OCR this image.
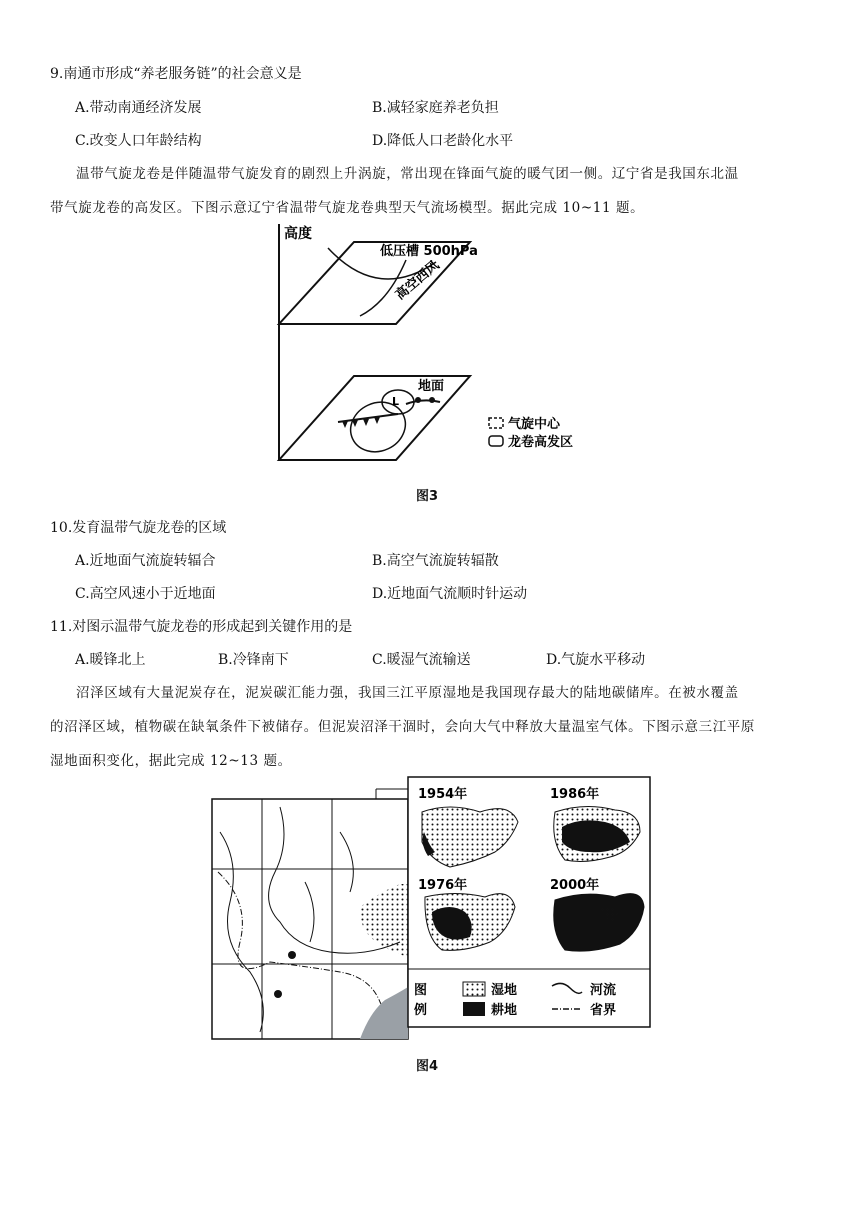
9.南通市形成“养老服务链”的社会意义是
A.带动南通经济发展	B.减轻家庭养老负担
C.改变人口年龄结构	D.降低人口老龄化水平
温带气旋龙卷是伴随温带气旋发育的剧烈上升涡旋，常出现在锋面气旋的暖气团一侧。辽宁省是我国东北温
带气旋龙卷的高发区。下图示意辽宁省温带气旋龙卷典型天气流场模型。据此完成 10~11 题。
高度
低压槽 500hPa
高空西风
地面
L
气旋中心
龙卷高发区
图3
10.发育温带气旋龙卷的区域
A.近地面气流旋转辐合	B.高空气流旋转辐散
C.高空风速小于近地面	D.近地面气流顺时针运动
11.对图示温带气旋龙卷的形成起到关键作用的是
A.暖锋北上	B.冷锋南下	C.暖湿气流输送	D.气旋水平移动
沼泽区域有大量泥炭存在，泥炭碳汇能力强，我国三江平原湿地是我国现存最大的陆地碳储库。在被水覆盖
的沼泽区域，植物碳在缺氧条件下被储存。但泥炭沼泽干涸时，会向大气中释放大量温室气体。下图示意三江平原
湿地面积变化，据此完成 12~13 题。
1954年	1986年
1976年	2000年
图
例
湿地
耕地
河流
省界
图4
